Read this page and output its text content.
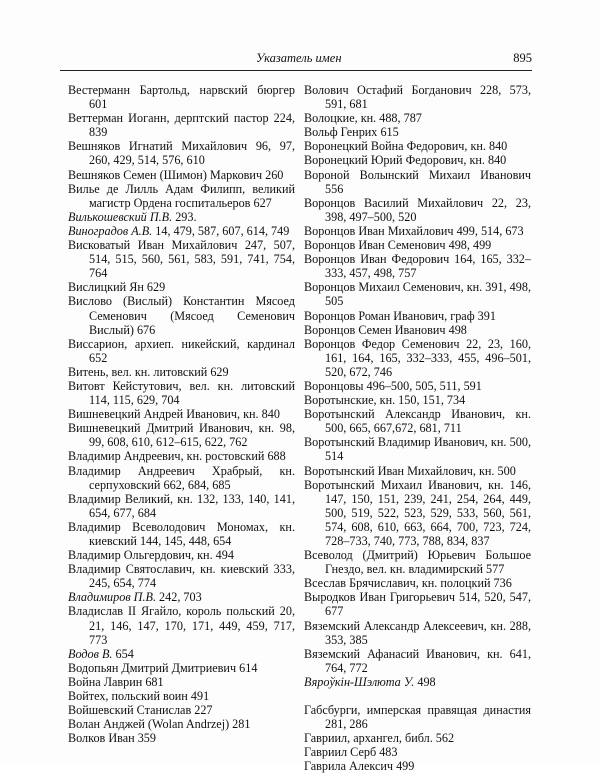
Указатель имен	895

Вестерманн Бартольд, нарвский бюргер 601

Веттерман Иоганн, дерптский пастор 224, 839

Вешняков Игнатий Михайлович 96, 97, 260, 429, 514, 576, 610

Вешняков Семен (Шимон) Маркович 260

Вилье де Лилль Адам Филипп, великий магистр Ордена госпитальеров 627

Вилькошевский П.В. 293.

Виноградов А.В. 14, 479, 587, 607, 614, 749

Висковатый Иван Михайлович 247, 507, 514, 515, 560, 561, 583, 591, 741, 754, 764

Вислицкий Ян 629

Вислово (Вислый) Константин Мясоед Семенович (Мясоед Семенович Вислый) 676

Виссарион, архиеп. никейский, кардинал 652

Витень, вел. кн. литовский 629

Витовт Кейстутович, вел. кн. литовский 114, 115, 629, 704

Вишневецкий Андрей Иванович, кн. 840

Вишневецкий Дмитрий Иванович, кн. 98, 99, 608, 610, 612–615, 622, 762

Владимир Андреевич, кн. ростовский 688

Владимир Андреевич Храбрый, кн. серпуховский 662, 684, 685

Владимир Великий, кн. 132, 133, 140, 141, 654, 677, 684

Владимир Всеволодович Мономах, кн. киевский 144, 145, 448, 654

Владимир Ольгердович, кн. 494

Владимир Святославич, кн. киевский 333, 245, 654, 774

Владимиров П.В. 242, 703

Владислав II Ягайло, король польский 20, 21, 146, 147, 170, 171, 449, 459, 717, 773

Водов В. 654

Водопьян Дмитрий Дмитриевич 614

Война Лаврин 681

Войтех, польский воин 491

Войшевский Станислав 227

Волан Анджей (Wolan Andrzej) 281

Волков Иван 359

Волович Остафий Богданович 228, 573, 591, 681

Волоцкие, кн. 488, 787

Вольф Генрих 615

Воронецкий Война Федорович, кн. 840

Воронецкий Юрий Федорович, кн. 840

Вороной Волынский Михаил Иванович 556

Воронцов Василий Михайлович 22, 23, 398, 497–500, 520

Воронцов Иван Михайлович 499, 514, 673

Воронцов Иван Семенович 498, 499

Воронцов Иван Федорович 164, 165, 332–333, 457, 498, 757

Воронцов Михаил Семенович, кн. 391, 498, 505

Воронцов Роман Иванович, граф 391

Воронцов Семен Иванович 498

Воронцов Федор Семенович 22, 23, 160, 161, 164, 165, 332–333, 455, 496–501, 520, 672, 746

Воронцовы 496–500, 505, 511, 591

Воротынские, кн. 150, 151, 734

Воротынский Александр Иванович, кн. 500, 665, 667,672, 681, 711

Воротынский Владимир Иванович, кн. 500, 514

Воротынский Иван Михайлович, кн. 500

Воротынский Михаил Иванович, кн. 146, 147, 150, 151, 239, 241, 254, 264, 449, 500, 519, 522, 523, 529, 533, 560, 561, 574, 608, 610, 663, 664, 700, 723, 724, 728–733, 740, 773, 788, 834, 837

Всеволод (Дмитрий) Юрьевич Большое Гнездо, вел. кн. владимирский 577

Всеслав Брячиславич, кн. полоцкий 736

Выродков Иван Григорьевич 514, 520, 547, 677

Вяземский Александр Алексеевич, кн. 288, 353, 385

Вяземский Афанасий Иванович, кн. 641, 764, 772

Вяроўкін-Шэлюта У. 498

Габсбурги, имперская правящая династия 281, 286

Гавриил, архангел, библ. 562

Гавриил Серб 483

Гаврила Алексич 499
